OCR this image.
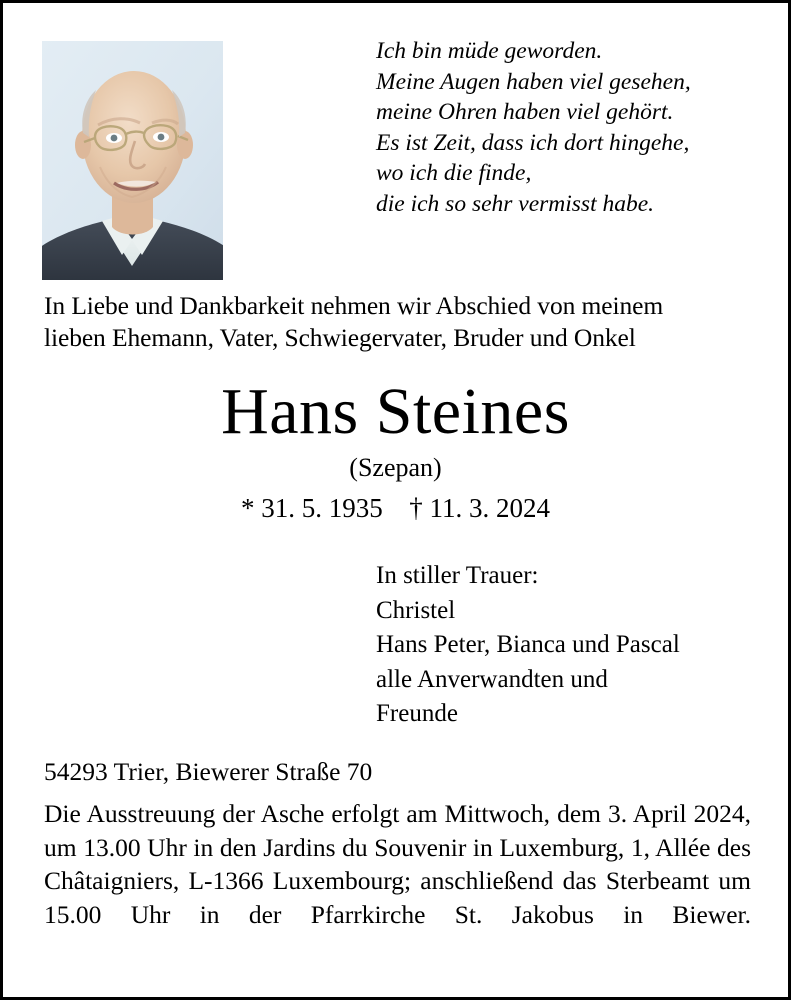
Ich bin müde geworden.
Meine Augen haben viel gesehen,
meine Ohren haben viel gehört.
Es ist Zeit, dass ich dort hingehe,
wo ich die finde,
die ich so sehr vermisst habe.
In Liebe und Dankbarkeit nehmen wir Abschied von meinem
lieben Ehemann, Vater, Schwiegervater, Bruder und Onkel
Hans Steines
(Szepan)
* 31. 5. 1935 † 11. 3. 2024
In stiller Trauer:
Christel
Hans Peter, Bianca und Pascal
alle Anverwandten und
Freunde
54293 Trier, Biewerer Straße 70
Die Ausstreuung der Asche erfolgt am Mittwoch, dem 3. April 2024, um 13.00 Uhr in den Jardins du Souvenir in Luxemburg, 1, Allée des Châtaigniers, L-1366 Luxembourg; anschließend das Sterbeamt um 15.00 Uhr in der Pfarrkirche St. Jakobus in Biewer.
